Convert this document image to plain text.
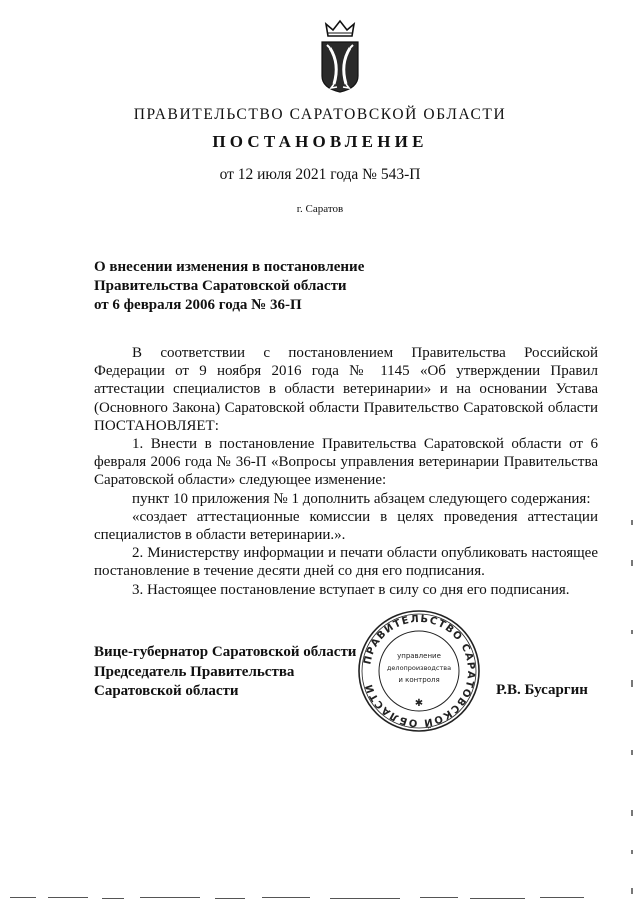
ПРАВИТЕЛЬСТВО САРАТОВСКОЙ ОБЛАСТИ
ПОСТАНОВЛЕНИЕ
от 12 июля 2021 года № 543-П
г. Саратов
О внесении изменения в постановление
Правительства Саратовской области
от 6 февраля 2006 года № 36-П

В соответствии с постановлением Правительства Российской Федерации от 9 ноября 2016 года № 1145 «Об утверждении Правил аттестации специалистов в области ветеринарии» и на основании Устава (Основного Закона) Саратовской области Правительство Саратовской области ПОСТАНОВЛЯЕТ:

1. Внести в постановление Правительства Саратовской области от 6 февраля 2006 года № 36-П «Вопросы управления ветеринарии Правительства Саратовской области» следующее изменение:

пункт 10 приложения № 1 дополнить абзацем следующего содержания:

«создает аттестационные комиссии в целях проведения аттестации специалистов в области ветеринарии.».

2. Министерству информации и печати области опубликовать настоящее постановление в течение десяти дней со дня его подписания.

3. Настоящее постановление вступает в силу со дня его подписания.

Вице-губернатор Саратовской области
Председатель Правительства
Саратовской области	Р.В. Бусаргин
ПРАВИТЕЛЬСТВО САРАТОВСКОЙ ОБЛАСТИ
управление
делопроизводства
и контроля
✱
